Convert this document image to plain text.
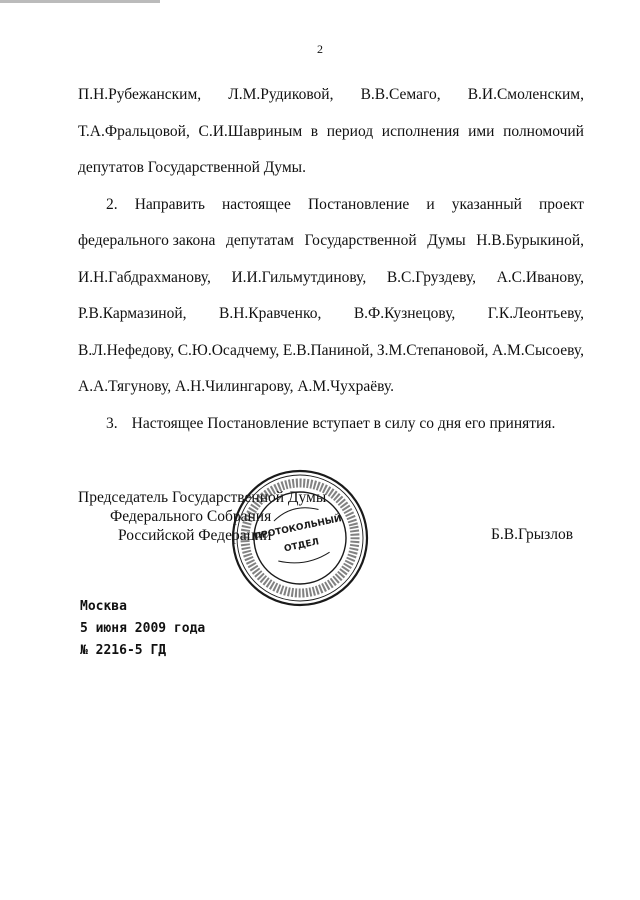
2
П.Н.Рубежанским, Л.М.Рудиковой, В.В.Семаго, В.И.Смоленским,
Т.А.Фральцовой, С.И.Шавриным в период исполнения ими полномочий
депутатов Государственной Думы.
2. Направить настоящее Постановление и указанный проект
федерального закона депутатам Государственной Думы Н.В.Бурыкиной,
И.Н.Габдрахманову, И.И.Гильмутдинову, В.С.Груздеву, А.С.Иванову,
Р.В.Кармазиной, В.Н.Кравченко, В.Ф.Кузнецову, Г.К.Леонтьеву,
В.Л.Нефедову, С.Ю.Осадчему, Е.В.Паниной, З.М.Степановой, А.М.Сысоеву,
А.А.Тягунову, А.Н.Чилингарову, А.М.Чухраёву.
3. Настоящее Постановление вступает в силу со дня его принятия.
Председатель Государственной Думы
Федерального Собрания
Российской Федерации	Б.В.Грызлов
ПРОТОКОЛЬНЫЙ
ОТДЕЛ
Москва
5 июня 2009 года
№ 2216-5 ГД
